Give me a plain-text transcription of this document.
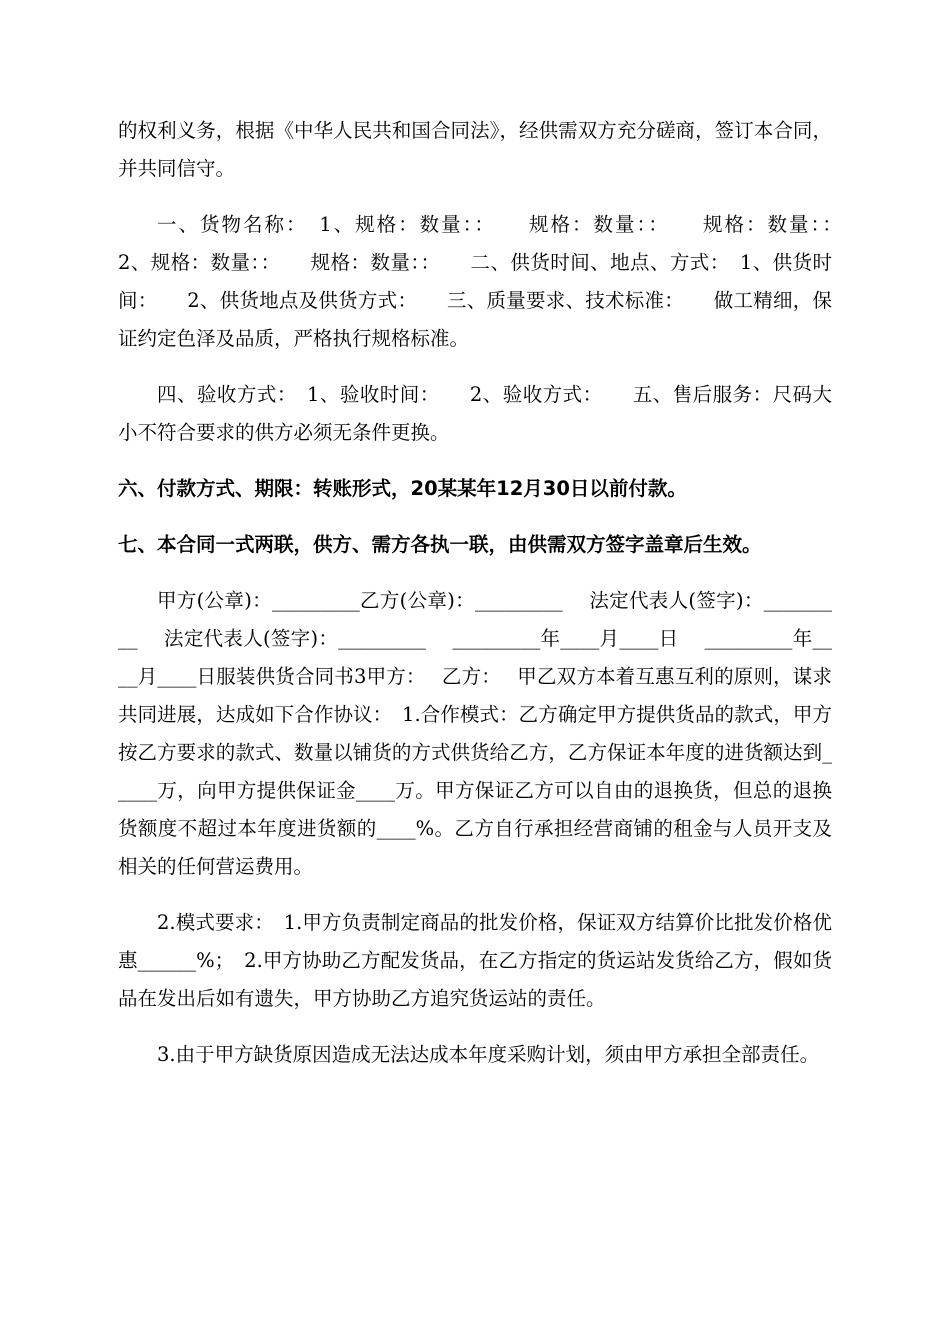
的权利义务，根据《中华人民共和国合同法》，经供需双方充分磋商，签订本合同，并共同信守。

一、货物名称：　1、规格：数量：：　　规格：数量：：　　规格：数量：：　　2、规格：数量：：　　规格：数量：：　　二、供货时间、地点、方式：　1、供货时间：　　2、供货地点及供货方式：　　三、质量要求、技术标准：　　做工精细，保证约定色泽及品质，严格执行规格标准。

四、验收方式：　1、验收时间：　　2、验收方式：　　五、售后服务：尺码大小不符合要求的供方必须无条件更换。

六、付款方式、期限：转账形式，20某某年12月30日以前付款。

七、本合同一式两联，供方、需方各执一联，由供需双方签字盖章后生效。

甲方(公章)：_________乙方(公章)：_________　 法定代表人(签字)：_________　 法定代表人(签字)：_________　 _________年____月____日　 _________年____月____日服装供货合同书3甲方：　 乙方：　 甲乙双方本着互惠互利的原则，谋求共同进展，达成如下合作协议：　1.合作模式：乙方确定甲方提供货品的款式，甲方按乙方要求的款式、数量以铺货的方式供货给乙方，乙方保证本年度的进货额达到_____万，向甲方提供保证金____万。甲方保证乙方可以自由的退换货，但总的退换货额度不超过本年度进货额的____%。乙方自行承担经营商铺的租金与人员开支及相关的任何营运费用。

2.模式要求：　1.甲方负责制定商品的批发价格，保证双方结算价比批发价格优惠______%；　2.甲方协助乙方配发货品，在乙方指定的货运站发货给乙方，假如货品在发出后如有遗失，甲方协助乙方追究货运站的责任。

3.由于甲方缺货原因造成无法达成本年度采购计划，须由甲方承担全部责任。
